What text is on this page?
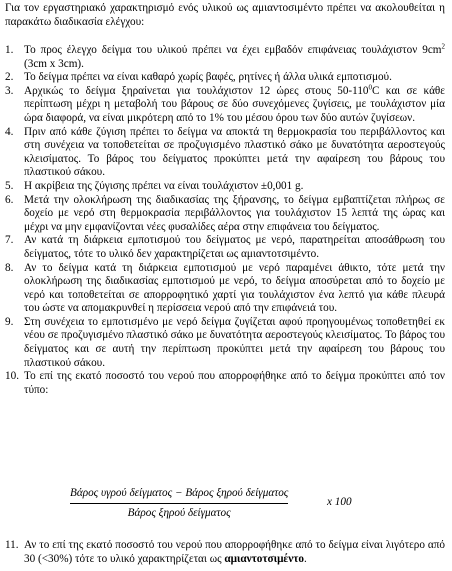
Για τον εργαστηριακό χαρακτηρισμό ενός υλικού ως αμιαντοσιμέντο πρέπει να ακολουθείται η παρακάτω διαδικασία ελέγχου:
1. Το προς έλεγχο δείγμα του υλικού πρέπει να έχει εμβαδόν επιφάνειας τουλάχιστον $9cm^2$ (3cm x 3cm).
2. Το δείγμα πρέπει να είναι καθαρό χωρίς βαφές, ρητίνες ή άλλα υλικά εμποτισμού.
3. Αρχικώς το δείγμα ξηραίνεται για τουλάχιστον 12 ώρες στους $50-110^0C$ και σε κάθε περίπτωση μέχρι η μεταβολή του βάρους σε δύο συνεχόμενες ζυγίσεις, με τουλάχιστον μία ώρα διαφορά, να είναι μικρότερη από το 1% του μέσου όρου των δύο αυτών ζυγίσεων.
4. Πριν από κάθε ζύγιση πρέπει το δείγμα να αποκτά τη θερμοκρασία του περιβάλλοντος και στη συνέχεια να τοποθετείται σε προζυγισμένο πλαστικό σάκο με δυνατότητα αεροστεγούς κλεισίματος. Το βάρος του δείγματος προκύπτει μετά την αφαίρεση του βάρους του πλαστικού σάκου.
5. Η ακρίβεια της ζύγισης πρέπει να είναι τουλάχιστον ±0,001 g.
6. Μετά την ολοκλήρωση της διαδικασίας της ξήρανσης, το δείγμα εμβαπτίζεται πλήρως σε δοχείο με νερό στη θερμοκρασία περιβάλλοντος για τουλάχιστον 15 λεπτά της ώρας και μέχρι να μην εμφανίζονται νέες φυσαλίδες αέρα στην επιφάνεια του δείγματος.
7. Αν κατά τη διάρκεια εμποτισμού του δείγματος με νερό, παρατηρείται αποσάθρωση του δείγματος, τότε το υλικό δεν χαρακτηρίζεται ως αμιαντοτσιμέντο.
8. Αν το δείγμα κατά τη διάρκεια εμποτισμού με νερό παραμένει άθικτο, τότε μετά την ολοκλήρωση της διαδικασίας εμποτισμού με νερό, το δείγμα αποσύρεται από το δοχείο με νερό και τοποθετείται σε απορροφητικό χαρτί για τουλάχιστον ένα λεπτό για κάθε πλευρά του ώστε να απομακρυνθεί η περίσσεια νερού από την επιφάνειά του.
9. Στη συνέχεια το εμποτισμένο με νερό δείγμα ζυγίζεται αφού προηγουμένως τοποθετηθεί εκ νέου σε προζυγισμένο πλαστικό σάκο με δυνατότητα αεροστεγούς κλεισίματος. Το βάρος του δείγματος και σε αυτή την περίπτωση προκύπτει μετά την αφαίρεση του βάρους του πλαστικού σάκου.
10. Το επί της εκατό ποσοστό του νερού που απορροφήθηκε από το δείγμα προκύπτει από τον τύπο:
$\frac{\text{Βάρος υγρού δείγματος − Βάρος ξηρού δείγματος}}{\text{Βάρος ξηρού δείγματος}}$	x 100
11. Αν το επί της εκατό ποσοστό του νερού που απορροφήθηκε από το δείγμα είναι λιγότερο από 30 (<30%) τότε το υλικό χαρακτηρίζεται ως αμιαντοτσιμέντο.
